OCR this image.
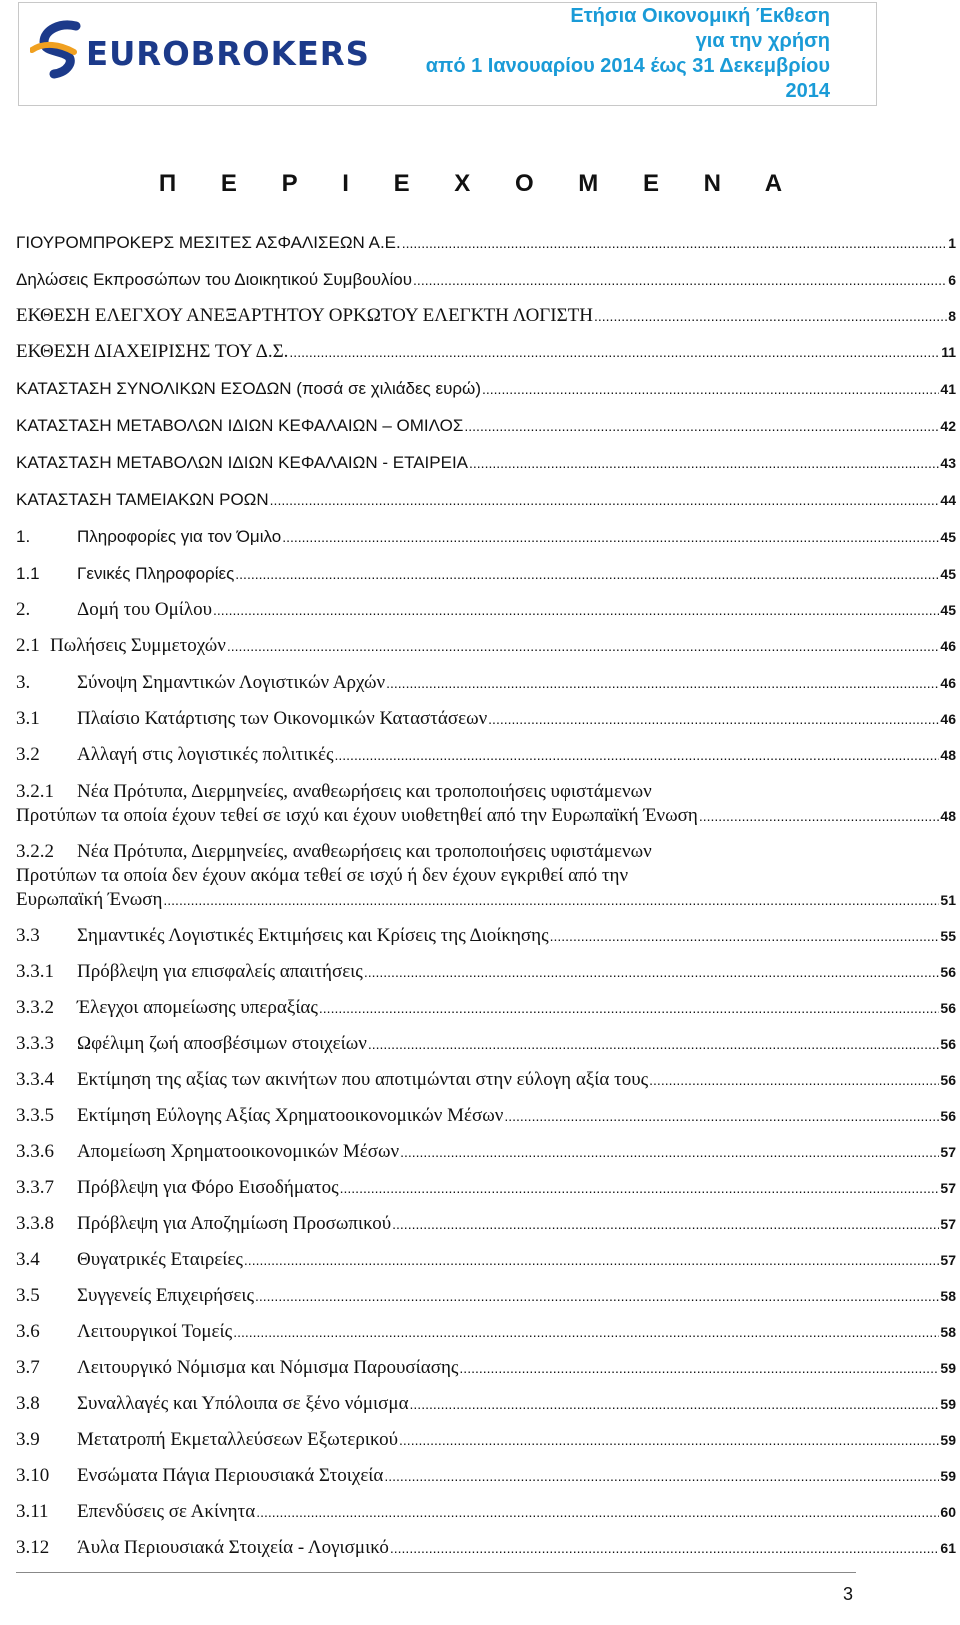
EUROBROKERS
Ετήσια Οικονομική Έκθεση
για την χρήση
από 1 Ιανουαρίου 2014 έως 31 Δεκεμβρίου
2014
Π Ε Ρ Ι Ε Χ Ο Μ Ε Ν Α
ΓΙΟΥΡΟΜΠΡΟΚΕΡΣ ΜΕΣΙΤΕΣ ΑΣΦΑΛΙΣΕΩΝ Α.Ε. .....	1
Δηλώσεις Εκπροσώπων του Διοικητικού Συμβουλίου .....	6
ΕΚΘΕΣΗ ΕΛΕΓΧΟΥ ΑΝΕΞΑΡΤΗΤΟΥ ΟΡΚΩΤΟΥ ΕΛΕΓΚΤΗ ΛΟΓΙΣΤΗ .....	8
ΕΚΘΕΣΗ ΔΙΑΧΕΙΡΙΣΗΣ ΤΟΥ Δ.Σ. .....	11
ΚΑΤΑΣΤΑΣΗ ΣΥΝΟΛΙΚΩΝ ΕΣΟΔΩΝ (ποσά σε χιλιάδες ευρώ) .....	41
ΚΑΤΑΣΤΑΣΗ ΜΕΤΑΒΟΛΩΝ ΙΔΙΩΝ ΚΕΦΑΛΑΙΩΝ – ΟΜΙΛΟΣ .....	42
ΚΑΤΑΣΤΑΣΗ ΜΕΤΑΒΟΛΩΝ ΙΔΙΩΝ ΚΕΦΑΛΑΙΩΝ - ΕΤΑΙΡΕΙΑ .....	43
ΚΑΤΑΣΤΑΣΗ ΤΑΜΕΙΑΚΩΝ ΡΟΩΝ .....	44
1.	Πληροφορίες για τον Όμιλο .....	45
1.1	Γενικές Πληροφορίες .....	45
2.	Δομή του Ομίλου .....	45
2.1 Πωλήσεις Συμμετοχών .....	46
3.	Σύνοψη Σημαντικών Λογιστικών Αρχών .....	46
3.1	Πλαίσιο Κατάρτισης των Οικονομικών Καταστάσεων .....	46
3.2	Αλλαγή στις λογιστικές πολιτικές .....	48
3.2.1 Νέα Πρότυπα, Διερμηνείες, αναθεωρήσεις και τροποποιήσεις υφιστάμενων
Προτύπων τα οποία έχουν τεθεί σε ισχύ και έχουν υιοθετηθεί από την Ευρωπαϊκή Ένωση .....	48
3.2.2 Νέα Πρότυπα, Διερμηνείες, αναθεωρήσεις και τροποποιήσεις υφιστάμενων
Προτύπων τα οποία δεν έχουν ακόμα τεθεί σε ισχύ ή δεν έχουν εγκριθεί από την
Ευρωπαϊκή Ένωση .....	51
3.3	Σημαντικές Λογιστικές Εκτιμήσεις και Κρίσεις της Διοίκησης .....	55
3.3.1	Πρόβλεψη για επισφαλείς απαιτήσεις .....	56
3.3.2	Έλεγχοι απομείωσης υπεραξίας .....	56
3.3.3	Ωφέλιμη ζωή αποσβέσιμων στοιχείων .....	56
3.3.4	Εκτίμηση της αξίας των ακινήτων που αποτιμώνται στην εύλογη αξία τους .....	56
3.3.5	Εκτίμηση Εύλογης Αξίας Χρηματοοικονομικών Μέσων .....	56
3.3.6	Απομείωση Χρηματοοικονομικών Μέσων .....	57
3.3.7	Πρόβλεψη για Φόρο Εισοδήματος .....	57
3.3.8	Πρόβλεψη για Αποζημίωση Προσωπικού .....	57
3.4	Θυγατρικές Εταιρείες .....	57
3.5	Συγγενείς Επιχειρήσεις .....	58
3.6	Λειτουργικοί Τομείς .....	58
3.7	Λειτουργικό Νόμισμα και Νόμισμα Παρουσίασης .....	59
3.8	Συναλλαγές και Υπόλοιπα σε ξένο νόμισμα .....	59
3.9	Μετατροπή Εκμεταλλεύσεων Εξωτερικού .....	59
3.10	Ενσώματα Πάγια Περιουσιακά Στοιχεία .....	59
3.11	Επενδύσεις σε Ακίνητα .....	60
3.12	Άυλα Περιουσιακά Στοιχεία - Λογισμικό .....	61
3
